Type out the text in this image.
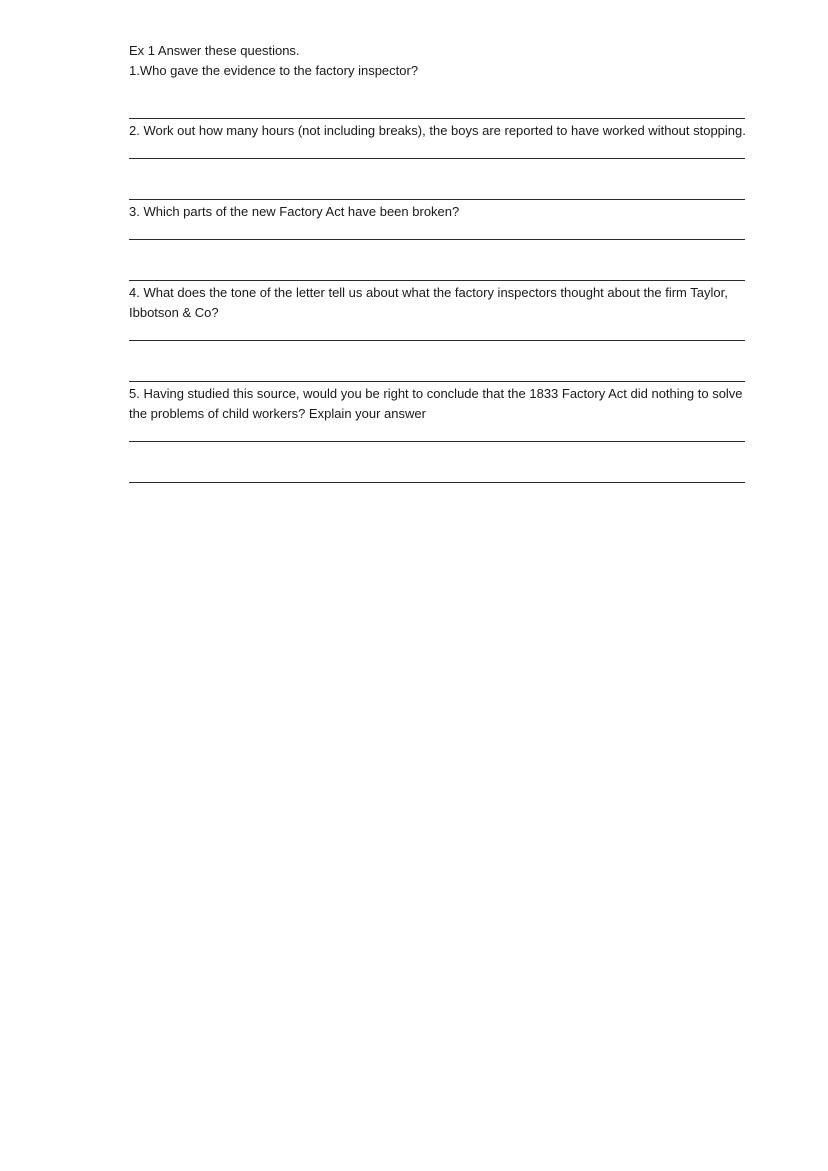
Ex 1 Answer these questions.

1.Who gave the evidence to the factory inspector?

2. Work out how many hours (not including breaks), the boys are reported to have worked without stopping.

3. Which parts of the new Factory Act have been broken?

4. What does the tone of the letter tell us about what the factory inspectors thought about the firm Taylor, Ibbotson & Co?

5. Having studied this source, would you be right to conclude that the 1833 Factory Act did nothing to solve the problems of child workers? Explain your answer
